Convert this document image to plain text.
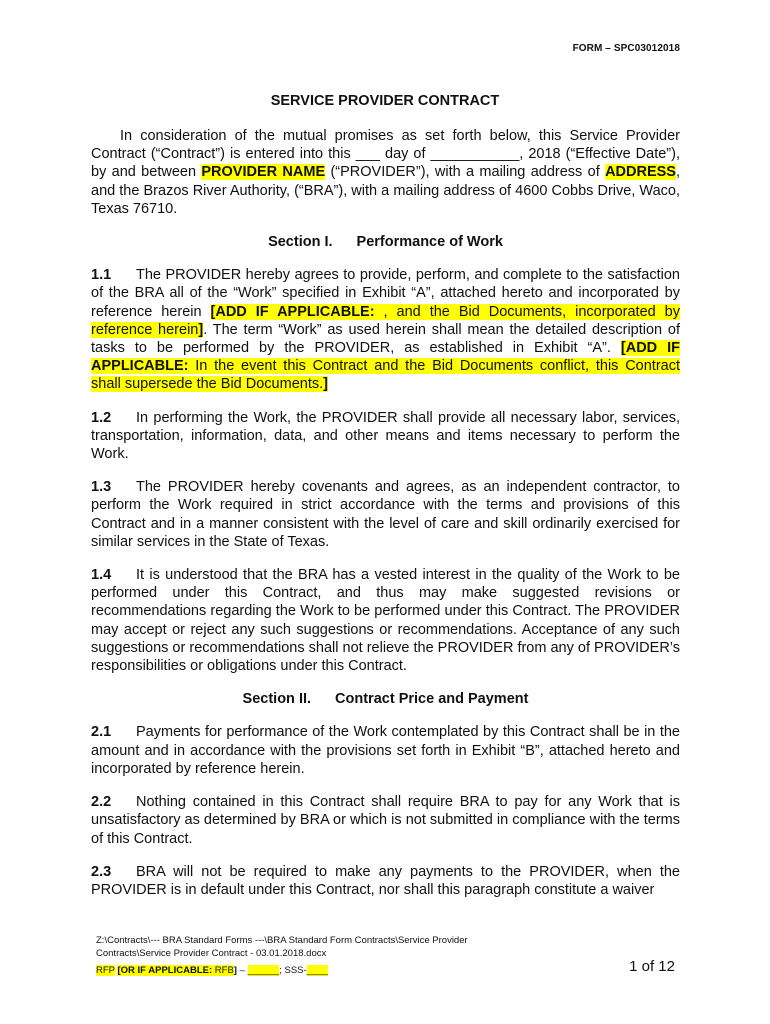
FORM – SPC03012018
SERVICE PROVIDER CONTRACT

In consideration of the mutual promises as set forth below, this Service Provider Contract (“Contract”) is entered into this ___ day of ___________, 2018 (“Effective Date”), by and between PROVIDER NAME (“PROVIDER”), with a mailing address of ADDRESS, and the Brazos River Authority, (“BRA”), with a mailing address of 4600 Cobbs Drive, Waco, Texas 76710.

Section I. Performance of Work

1.1 The PROVIDER hereby agrees to provide, perform, and complete to the satisfaction of the BRA all of the “Work” specified in Exhibit “A”, attached hereto and incorporated by reference herein [ADD IF APPLICABLE: , and the Bid Documents, incorporated by reference herein]. The term “Work” as used herein shall mean the detailed description of tasks to be performed by the PROVIDER, as established in Exhibit “A”. [ADD IF APPLICABLE: In the event this Contract and the Bid Documents conflict, this Contract shall supersede the Bid Documents.]

1.2 In performing the Work, the PROVIDER shall provide all necessary labor, services, transportation, information, data, and other means and items necessary to perform the Work.

1.3 The PROVIDER hereby covenants and agrees, as an independent contractor, to perform the Work required in strict accordance with the terms and provisions of this Contract and in a manner consistent with the level of care and skill ordinarily exercised for similar services in the State of Texas.

1.4 It is understood that the BRA has a vested interest in the quality of the Work to be performed under this Contract, and thus may make suggested revisions or recommendations regarding the Work to be performed under this Contract. The PROVIDER may accept or reject any such suggestions or recommendations. Acceptance of any such suggestions or recommendations shall not relieve the PROVIDER from any of PROVIDER’s responsibilities or obligations under this Contract.

Section II. Contract Price and Payment

2.1 Payments for performance of the Work contemplated by this Contract shall be in the amount and in accordance with the provisions set forth in Exhibit “B”, attached hereto and incorporated by reference herein.

2.2 Nothing contained in this Contract shall require BRA to pay for any Work that is unsatisfactory as determined by BRA or which is not submitted in compliance with the terms of this Contract.

2.3 BRA will not be required to make any payments to the PROVIDER, when the PROVIDER is in default under this Contract, nor shall this paragraph constitute a waiver

Z:\Contracts\--- BRA Standard Forms ---\BRA Standard Form Contracts\Service Provider Contracts\Service Provider Contract - 03.01.2018.docx
RFP [OR IF APPLICABLE: RFB] – ______; SSS-____	1 of 12
